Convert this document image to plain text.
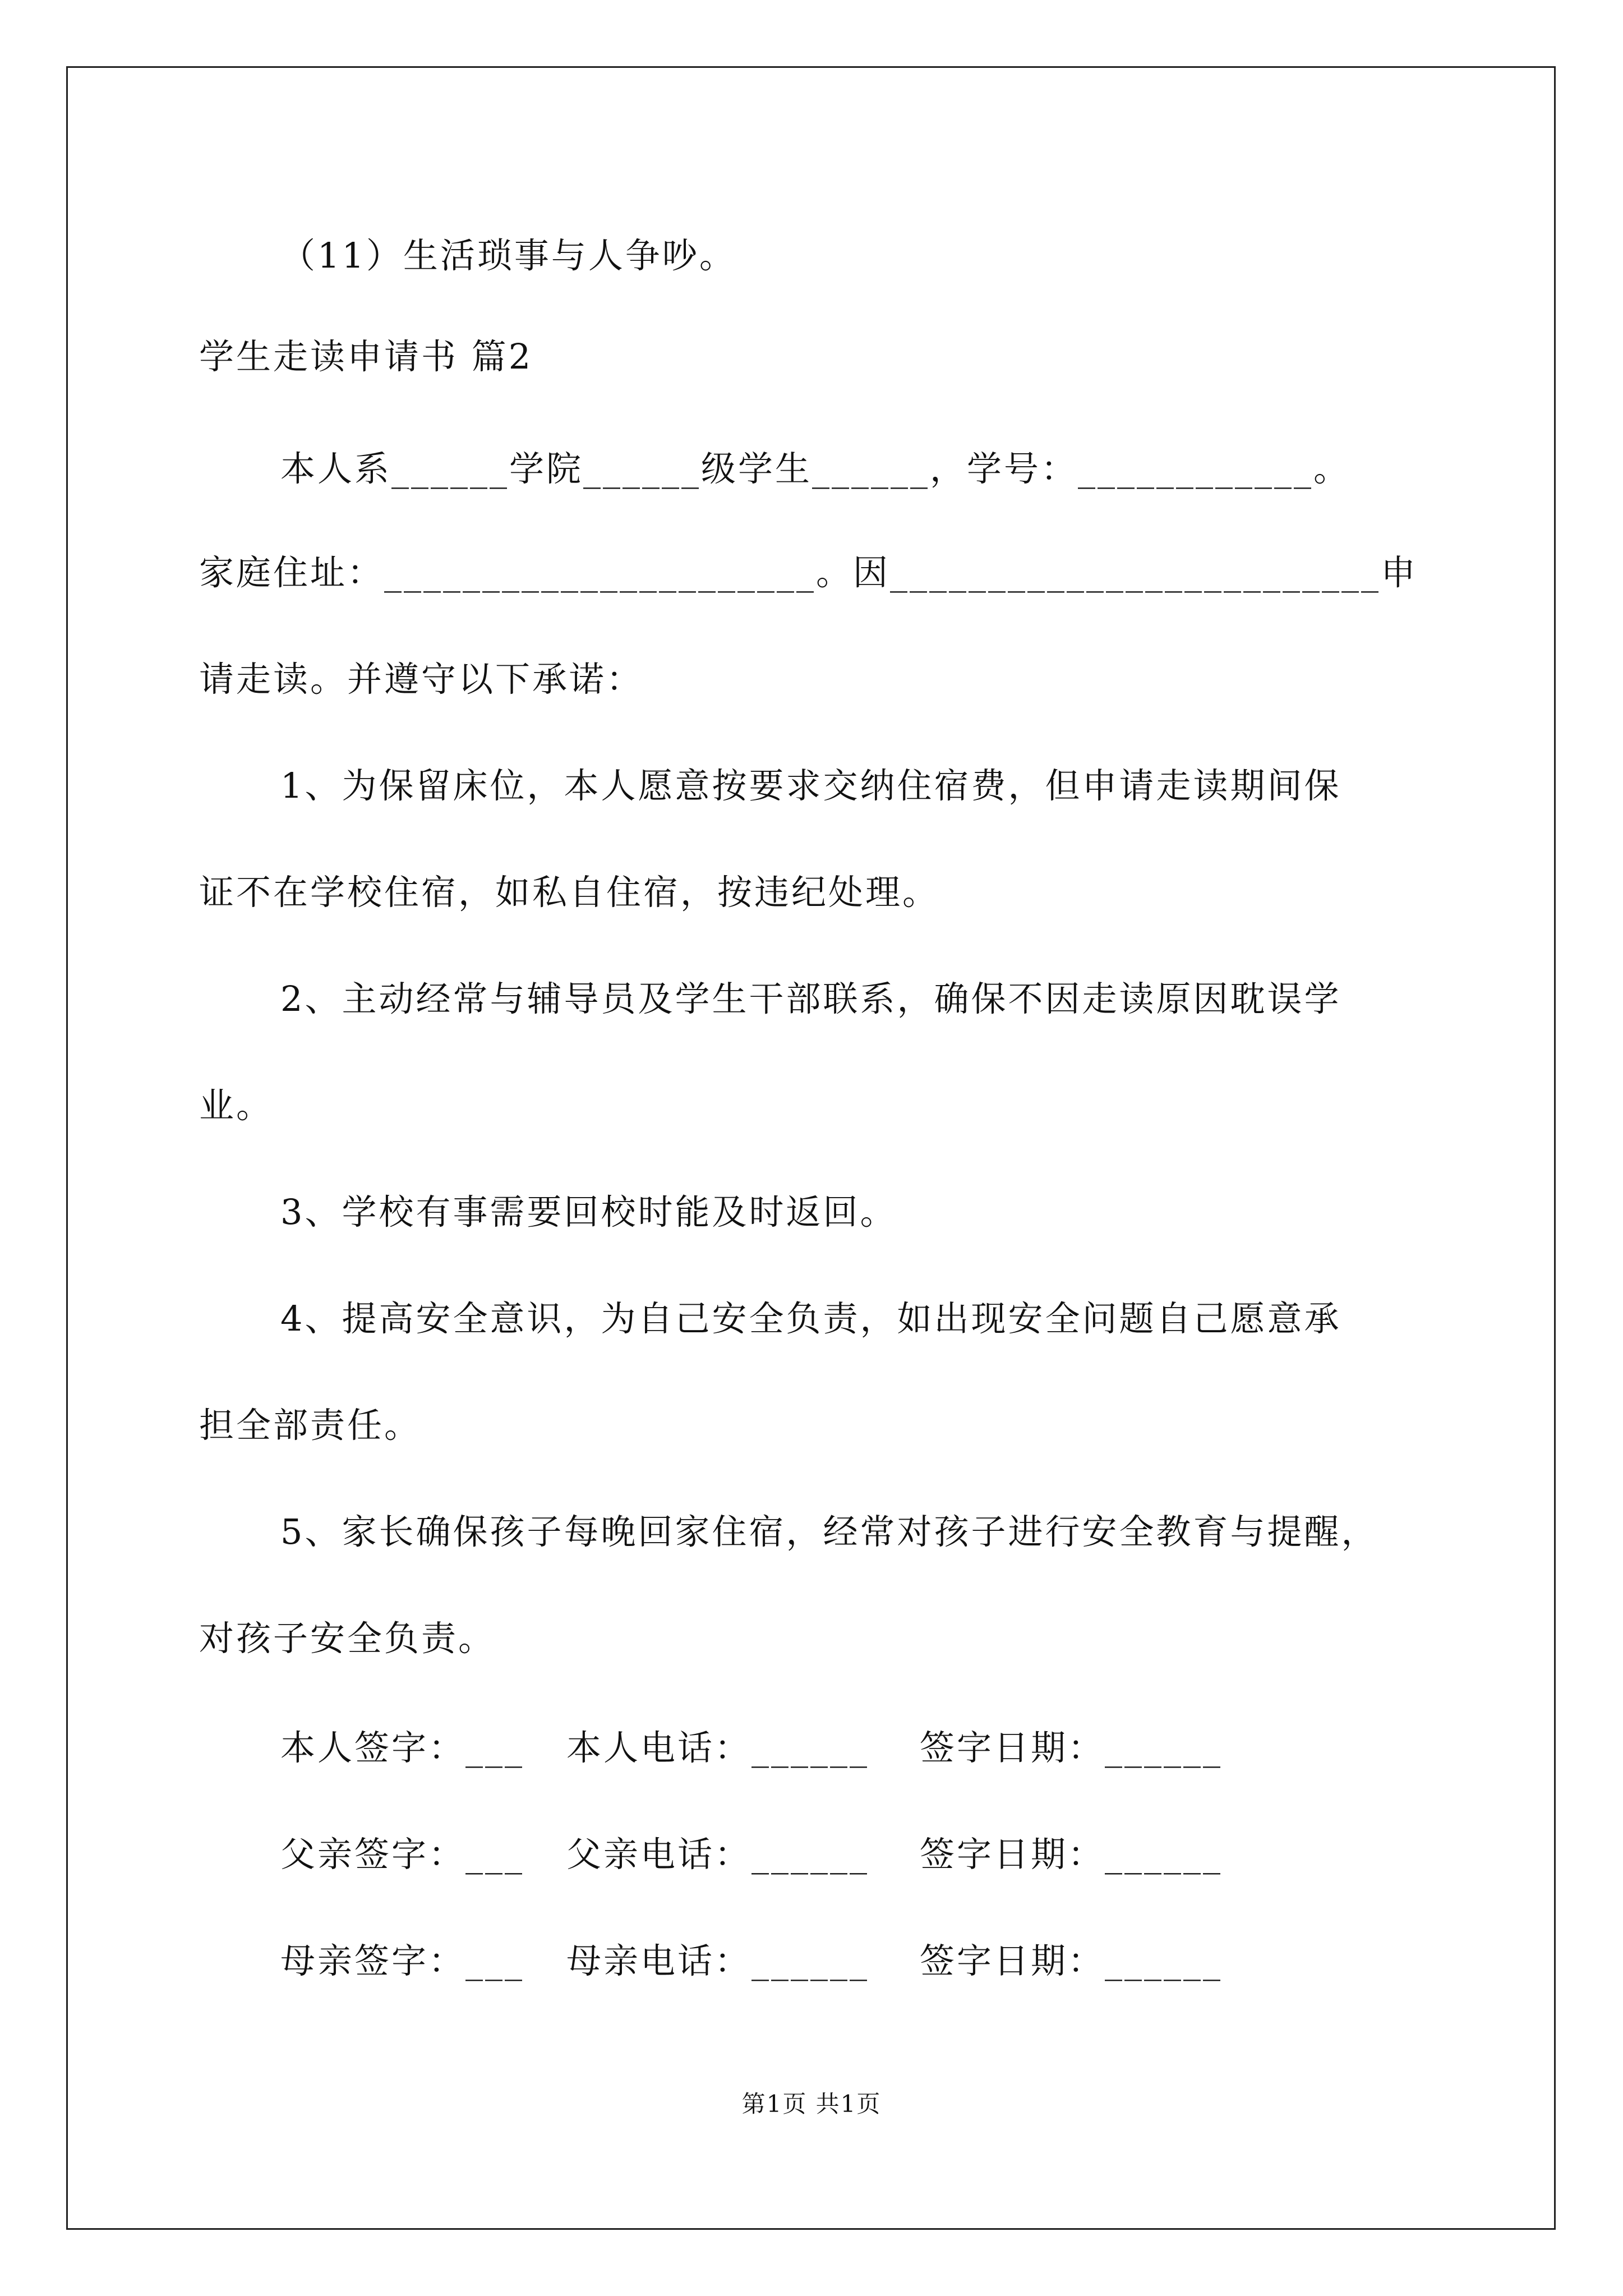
（11）生活琐事与人争吵。
学生走读申请书 篇2
本人系______学院______级学生______，学号：____________。
家庭住址：______________________。因_________________________申
请走读。并遵守以下承诺：
1、为保留床位，本人愿意按要求交纳住宿费，但申请走读期间保
证不在学校住宿，如私自住宿，按违纪处理。
2、主动经常与辅导员及学生干部联系，确保不因走读原因耽误学
业。
3、学校有事需要回校时能及时返回。
4、提高安全意识，为自己安全负责，如出现安全问题自己愿意承
担全部责任。
5、家长确保孩子每晚回家住宿，经常对孩子进行安全教育与提醒，
对孩子安全负责。
本人签字：___ 本人电话：______ 签字日期：______
父亲签字：___ 父亲电话：______ 签字日期：______
母亲签字：___ 母亲电话：______ 签字日期：______
第1页 共1页
